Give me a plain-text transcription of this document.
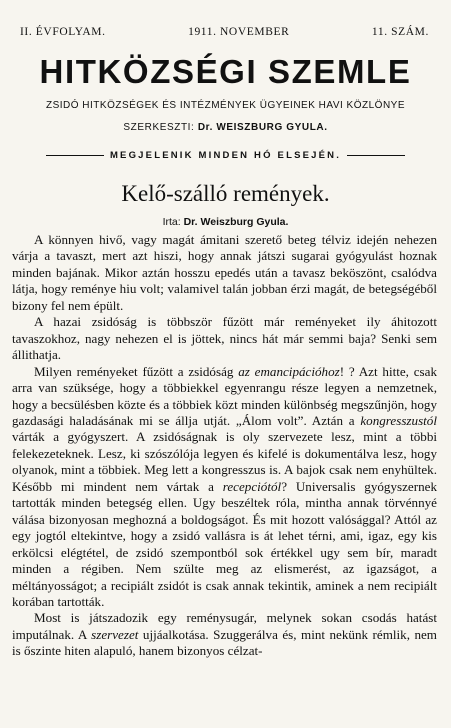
II. ÉVFOLYAM.	1911. NOVEMBER	11. SZÁM.
HITKÖZSÉGI SZEMLE
ZSIDÓ HITKÖZSÉGEK ÉS INTÉZMÉNYEK ÜGYEINEK HAVI KÖZLÖNYE
SZERKESZTI: Dr. WEISZBURG GYULA.
MEGJELENIK MINDEN HÓ ELSEJÉN.
Kelő-szálló remények.
Irta: Dr. Weiszburg Gyula.

A könnyen hivő, vagy magát ámitani szerető beteg télviz idején nehezen várja a tavaszt, mert azt hiszi, hogy annak játszi sugarai gyógyulást hoznak minden bajának. Mikor aztán hosszu epedés után a tavasz beköszönt, csalódva látja, hogy reménye hiu volt; valamivel talán jobban érzi magát, de betegségéből bizony fel nem épült.

A hazai zsidóság is többször fűzött már reményeket ily áhitozott tavaszokhoz, nagy nehezen el is jöttek, nincs hát már semmi baja? Senki sem állithatja.

Milyen reményeket fűzött a zsidóság az emancipációhoz! ? Azt hitte, csak arra van szüksége, hogy a többiekkel egyenrangu része legyen a nemzetnek, hogy a becsülésben közte és a többiek közt minden különbség megszűnjön, hogy gazdasági haladásának mi se állja utját. „Álom volt”. Aztán a kongresszustól várták a gyógyszert. A zsidóságnak is oly szervezete lesz, mint a többi felekezeteknek. Lesz, ki szószólója legyen és kifelé is dokumentálva lesz, hogy olyanok, mint a többiek. Meg lett a kongresszus is. A bajok csak nem enyhültek. Később mi mindent nem vártak a recepciótól? Universalis gyógyszernek tartották minden betegség ellen. Ugy beszéltek róla, mintha annak törvénnyé válása bizonyosan meghozná a boldogságot. És mit hozott valósággal? Attól az egy jogtól eltekintve, hogy a zsidó vallásra is át lehet térni, ami, igaz, egy kis erkölcsi elégtétel, de zsidó szempontból sok értékkel ugy sem bír, maradt minden a régiben. Nem szülte meg az elismerést, az igazságot, a méltányosságot; a recipiált zsidót is csak annak tekintik, aminek a nem recipiált korában tartották.

Most is játszadozik egy reménysugár, melynek sokan csodás hatást imputálnak. A szervezet ujjáalkotása. Szuggerálva és, mint nekünk rémlik, nem is őszinte hiten alapuló, hanem bizonyos célzat-
